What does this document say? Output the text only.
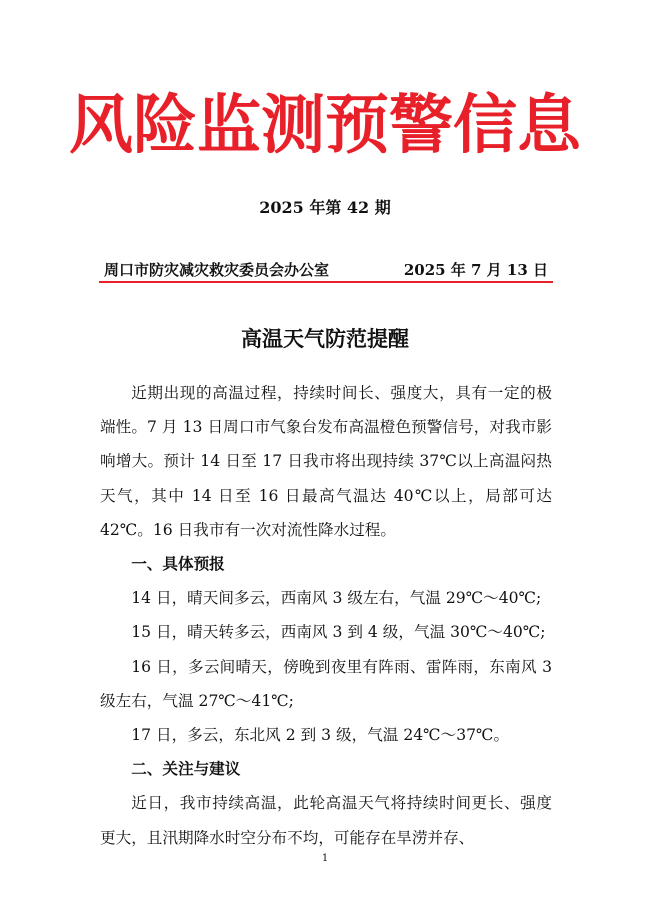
风险监测预警信息
2025 年第 42 期
周口市防灾减灾救灾委员会办公室	2025 年 7 月 13 日
高温天气防范提醒

近期出现的高温过程，持续时间长、强度大，具有一定的极端性。7 月 13 日周口市气象台发布高温橙色预警信号，对我市影响增大。预计 14 日至 17 日我市将出现持续 37℃以上高温闷热天气，其中 14 日至 16 日最高气温达 40℃以上，局部可达 42℃。16 日我市有一次对流性降水过程。

一、具体预报

14 日，晴天间多云，西南风 3 级左右，气温 29℃～40℃;

15 日，晴天转多云，西南风 3 到 4 级，气温 30℃～40℃;

16 日，多云间晴天，傍晚到夜里有阵雨、雷阵雨，东南风 3 级左右，气温 27℃～41℃;

17 日，多云，东北风 2 到 3 级，气温 24℃～37℃。

二、关注与建议

近日，我市持续高温，此轮高温天气将持续时间更长、强度更大，且汛期降水时空分布不均，可能存在旱涝并存、

1
